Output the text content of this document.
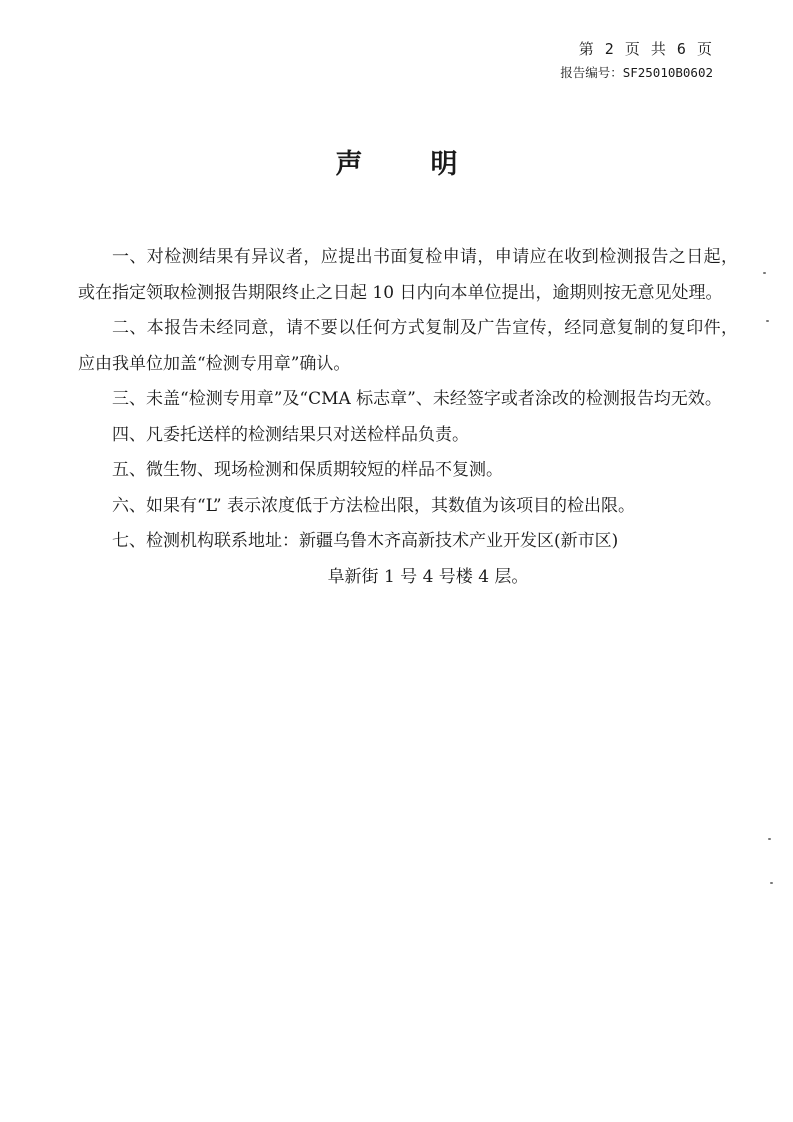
第 2 页 共 6 页
报告编号：SF25010B0602
声明

一、对检测结果有异议者，应提出书面复检申请，申请应在收到检测报告之日起，或在指定领取检测报告期限终止之日起 10 日内向本单位提出，逾期则按无意见处理。

二、本报告未经同意，请不要以任何方式复制及广告宣传，经同意复制的复印件，应由我单位加盖“检测专用章”确认。

三、未盖“检测专用章”及“CMA 标志章”、未经签字或者涂改的检测报告均无效。

四、凡委托送样的检测结果只对送检样品负责。

五、微生物、现场检测和保质期较短的样品不复测。

六、如果有“L” 表示浓度低于方法检出限，其数值为该项目的检出限。

七、检测机构联系地址：新疆乌鲁木齐高新技术产业开发区(新市区)

阜新街 1 号 4 号楼 4 层。
